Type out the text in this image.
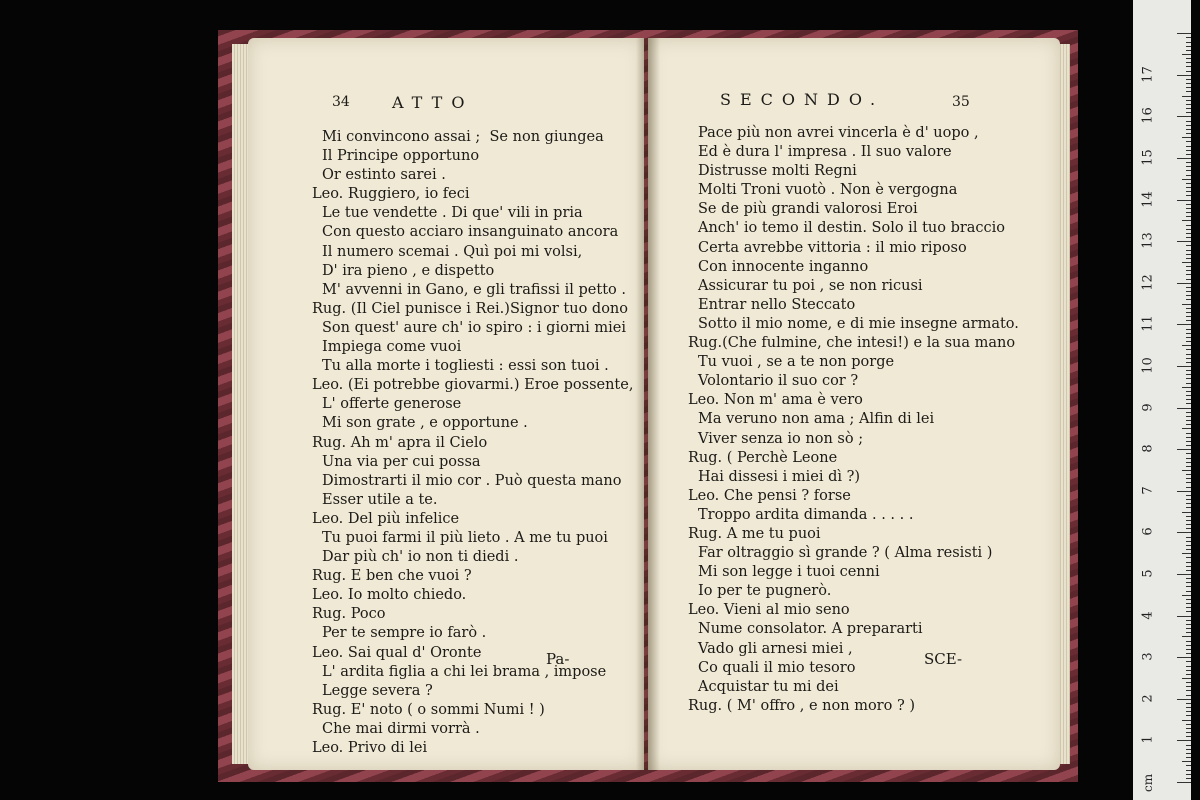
34	ATTO
Mi convincono assai ;  Se non giungea
Il Principe opportuno
Or estinto sarei .
Leo. Ruggiero, io feci
Le tue vendette . Di que' vili in pria
Con questo acciaro insanguinato ancora
Il numero scemai . Quì poi mi volsi,
D' ira pieno , e dispetto
M' avvenni in Gano, e gli trafissi il petto .
Rug. (Il Ciel punisce i Rei.)Signor tuo dono
Son quest' aure ch' io spiro : i giorni miei
Impiega come vuoi
Tu alla morte i togliesti : essi son tuoi .
Leo. (Ei potrebbe giovarmi.) Eroe possente,
L' offerte generose
Mi son grate , e opportune .
Rug. Ah m' apra il Cielo
Una via per cui possa
Dimostrarti il mio cor . Può questa mano
Esser utile a te.
Leo. Del più infelice
Tu puoi farmi il più lieto . A me tu puoi
Dar più ch' io non ti diedi .
Rug. E ben che vuoi ?
Leo. Io molto chiedo.
Rug. Poco
Per te sempre io farò .
Leo. Sai qual d' Oronte
L' ardita figlia a chi lei brama , impose
Legge severa ?
Rug. E' noto ( o sommi Numi ! )
Che mai dirmi vorrà .
Leo. Privo di lei
Pa-
SECONDO.	35
Pace più non avrei vincerla è d' uopo ,
Ed è dura l' impresa . Il suo valore
Distrusse molti Regni
Molti Troni vuotò . Non è vergogna
Se de più grandi valorosi Eroi
Anch' io temo il destin. Solo il tuo braccio
Certa avrebbe vittoria : il mio riposo
Con innocente inganno
Assicurar tu poi , se non ricusi
Entrar nello Steccato
Sotto il mio nome, e di mie insegne armato.
Rug.(Che fulmine, che intesi!) e la sua mano
Tu vuoi , se a te non porge
Volontario il suo cor ?
Leo. Non m' ama è vero
Ma veruno non ama ; Alfin di lei
Viver senza io non sò ;
Rug. ( Perchè Leone
Hai dissesi i miei dì ?)
Leo. Che pensi ? forse
Troppo ardita dimanda . . . . .
Rug. A me tu puoi
Far oltraggio sì grande ? ( Alma resisti )
Mi son legge i tuoi cenni
Io per te pugnerò.
Leo. Vieni al mio seno
Nume consolator. A prepararti
Vado gli arnesi miei ,
Co quali il mio tesoro
Acquistar tu mi dei
Rug. ( M' offro , e non moro ? )
SCE-
cm
1
2
3
4
5
6
7
8
9
10
11
12
13
14
15
16
17
